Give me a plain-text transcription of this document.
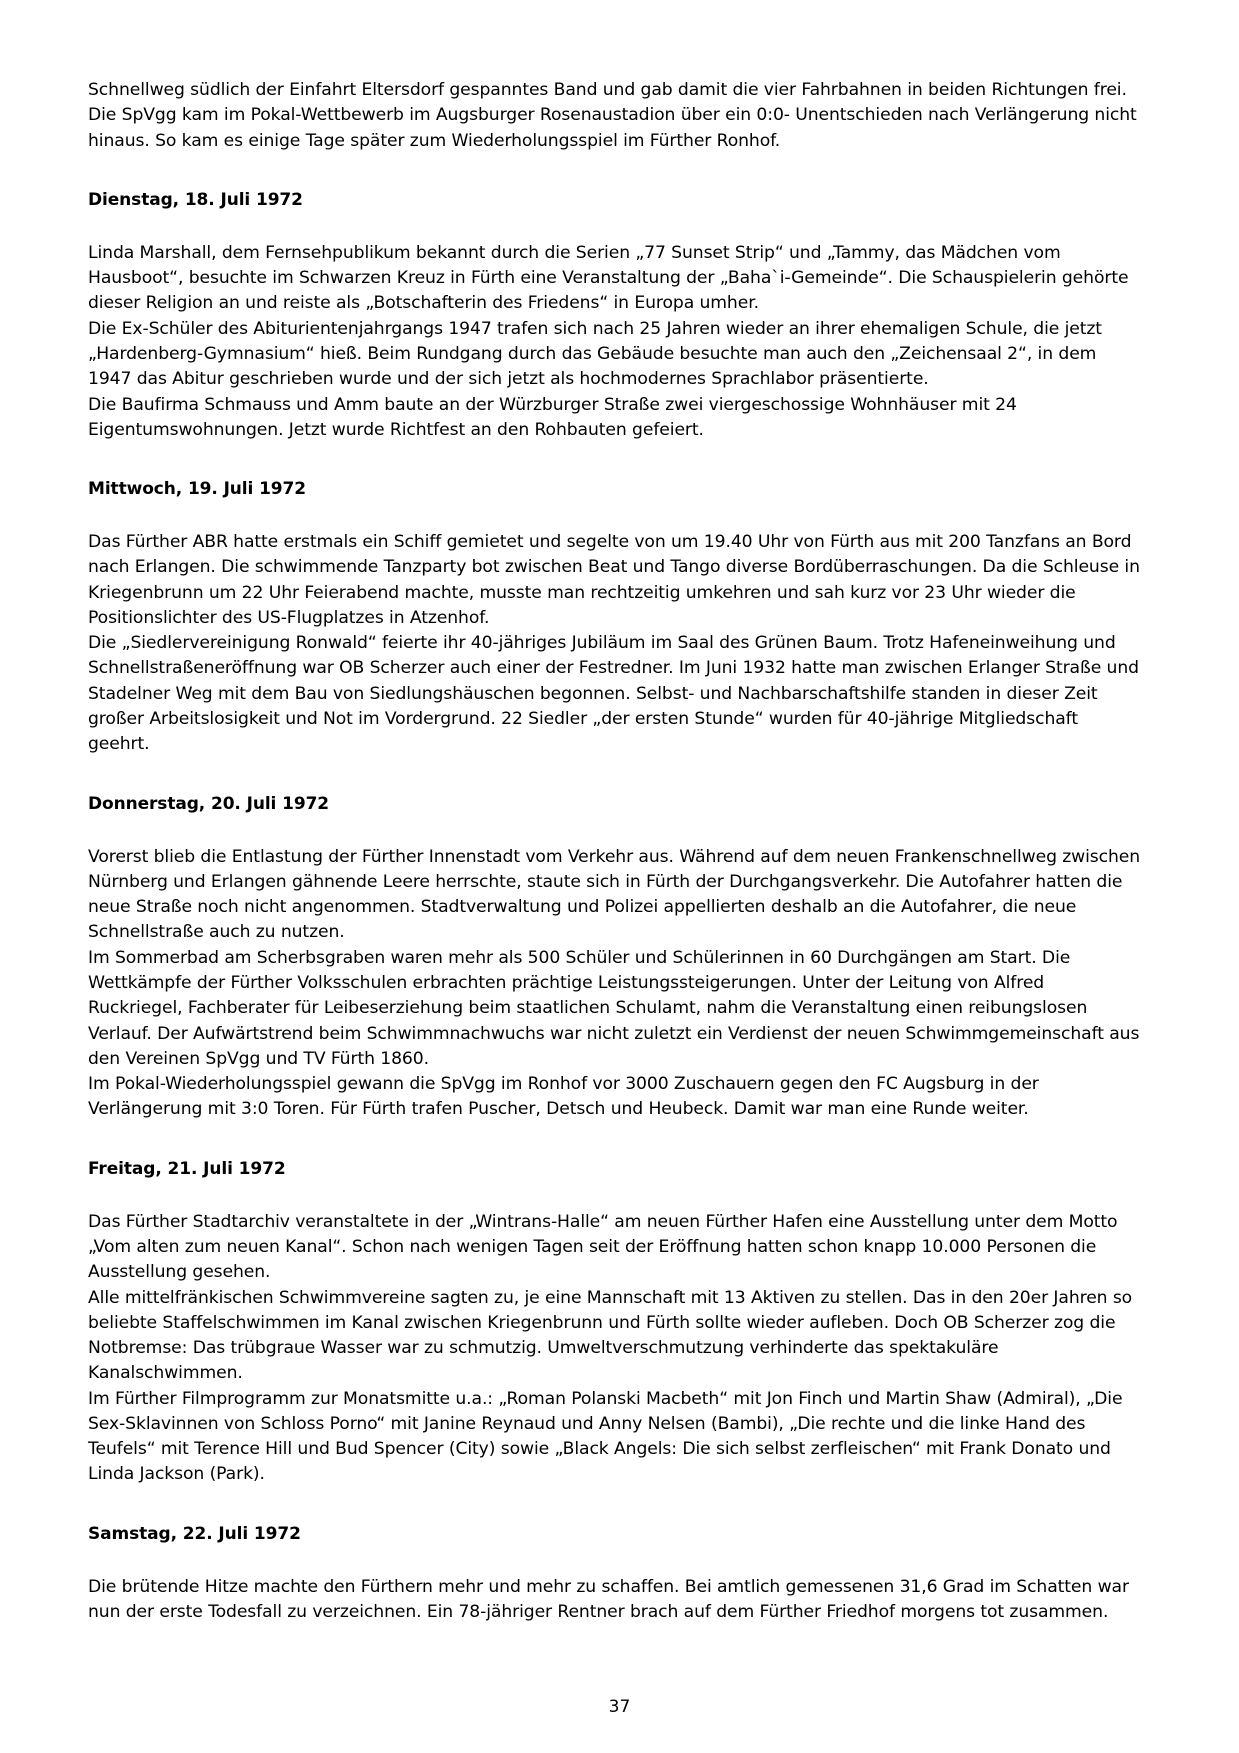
Schnellweg südlich der Einfahrt Eltersdorf gespanntes Band und gab damit die vier Fahrbahnen in beiden Richtungen frei.

Die SpVgg kam im Pokal-Wettbewerb im Augsburger Rosenaustadion über ein 0:0- Unentschieden nach Verlängerung nicht hinaus. So kam es einige Tage später zum Wiederholungsspiel im Fürther Ronhof.

Dienstag, 18. Juli 1972

Linda Marshall, dem Fernsehpublikum bekannt durch die Serien „77 Sunset Strip“ und „Tammy, das Mädchen vom Hausboot“, besuchte im Schwarzen Kreuz in Fürth eine Veranstaltung der „Baha`i-Gemeinde“. Die Schauspielerin gehörte dieser Religion an und reiste als „Botschafterin des Friedens“ in Europa umher.

Die Ex-Schüler des Abiturientenjahrgangs 1947 trafen sich nach 25 Jahren wieder an ihrer ehemaligen Schule, die jetzt „Hardenberg-Gymnasium“ hieß. Beim Rundgang durch das Gebäude besuchte man auch den „Zeichensaal 2“, in dem 1947 das Abitur geschrieben wurde und der sich jetzt als hochmodernes Sprachlabor präsentierte.

Die Baufirma Schmauss und Amm baute an der Würzburger Straße zwei viergeschossige Wohnhäuser mit 24 Eigentumswohnungen. Jetzt wurde Richtfest an den Rohbauten gefeiert.

Mittwoch, 19. Juli 1972

Das Fürther ABR hatte erstmals ein Schiff gemietet und segelte von um 19.40 Uhr von Fürth aus mit 200 Tanzfans an Bord nach Erlangen. Die schwimmende Tanzparty bot zwischen Beat und Tango diverse Bordüberraschungen. Da die Schleuse in Kriegenbrunn um 22 Uhr Feierabend machte, musste man rechtzeitig umkehren und sah kurz vor 23 Uhr wieder die Positionslichter des US-Flugplatzes in Atzenhof.

Die „Siedlervereinigung Ronwald“ feierte ihr 40-jähriges Jubiläum im Saal des Grünen Baum. Trotz Hafeneinweihung und Schnellstraßeneröffnung war OB Scherzer auch einer der Festredner. Im Juni 1932 hatte man zwischen Erlanger Straße und Stadelner Weg mit dem Bau von Siedlungshäuschen begonnen. Selbst- und Nachbarschaftshilfe standen in dieser Zeit großer Arbeitslosigkeit und Not im Vordergrund. 22 Siedler „der ersten Stunde“ wurden für 40-jährige Mitgliedschaft geehrt.

Donnerstag, 20. Juli 1972

Vorerst blieb die Entlastung der Fürther Innenstadt vom Verkehr aus. Während auf dem neuen Frankenschnellweg zwischen Nürnberg und Erlangen gähnende Leere herrschte, staute sich in Fürth der Durchgangsverkehr. Die Autofahrer hatten die neue Straße noch nicht angenommen. Stadtverwaltung und Polizei appellierten deshalb an die Autofahrer, die neue Schnellstraße auch zu nutzen.

Im Sommerbad am Scherbsgraben waren mehr als 500 Schüler und Schülerinnen in 60 Durchgängen am Start. Die Wettkämpfe der Fürther Volksschulen erbrachten prächtige Leistungssteigerungen. Unter der Leitung von Alfred Ruckriegel, Fachberater für Leibeserziehung beim staatlichen Schulamt, nahm die Veranstaltung einen reibungslosen Verlauf. Der Aufwärtstrend beim Schwimmnachwuchs war nicht zuletzt ein Verdienst der neuen Schwimmgemeinschaft aus den Vereinen SpVgg und TV Fürth 1860.

Im Pokal-Wiederholungsspiel gewann die SpVgg im Ronhof vor 3000 Zuschauern gegen den FC Augsburg in der Verlängerung mit 3:0 Toren. Für Fürth trafen Puscher, Detsch und Heubeck. Damit war man eine Runde weiter.

Freitag, 21. Juli 1972

Das Fürther Stadtarchiv veranstaltete in der „Wintrans-Halle“ am neuen Fürther Hafen eine Ausstellung unter dem Motto „Vom alten zum neuen Kanal“. Schon nach wenigen Tagen seit der Eröffnung hatten schon knapp 10.000 Personen die Ausstellung gesehen.

Alle mittelfränkischen Schwimmvereine sagten zu, je eine Mannschaft mit 13 Aktiven zu stellen. Das in den 20er Jahren so beliebte Staffelschwimmen im Kanal zwischen Kriegenbrunn und Fürth sollte wieder aufleben. Doch OB Scherzer zog die Notbremse: Das trübgraue Wasser war zu schmutzig. Umweltverschmutzung verhinderte das spektakuläre Kanalschwimmen.

Im Fürther Filmprogramm zur Monatsmitte u.a.: „Roman Polanski Macbeth“ mit Jon Finch und Martin Shaw (Admiral), „Die Sex-Sklavinnen von Schloss Porno“ mit Janine Reynaud und Anny Nelsen (Bambi), „Die rechte und die linke Hand des Teufels“ mit Terence Hill und Bud Spencer (City) sowie „Black Angels: Die sich selbst zerfleischen“ mit Frank Donato und Linda Jackson (Park).

Samstag, 22. Juli 1972

Die brütende Hitze machte den Fürthern mehr und mehr zu schaffen. Bei amtlich gemessenen 31,6 Grad im Schatten war nun der erste Todesfall zu verzeichnen. Ein 78-jähriger Rentner brach auf dem Fürther Friedhof morgens tot zusammen.

37
